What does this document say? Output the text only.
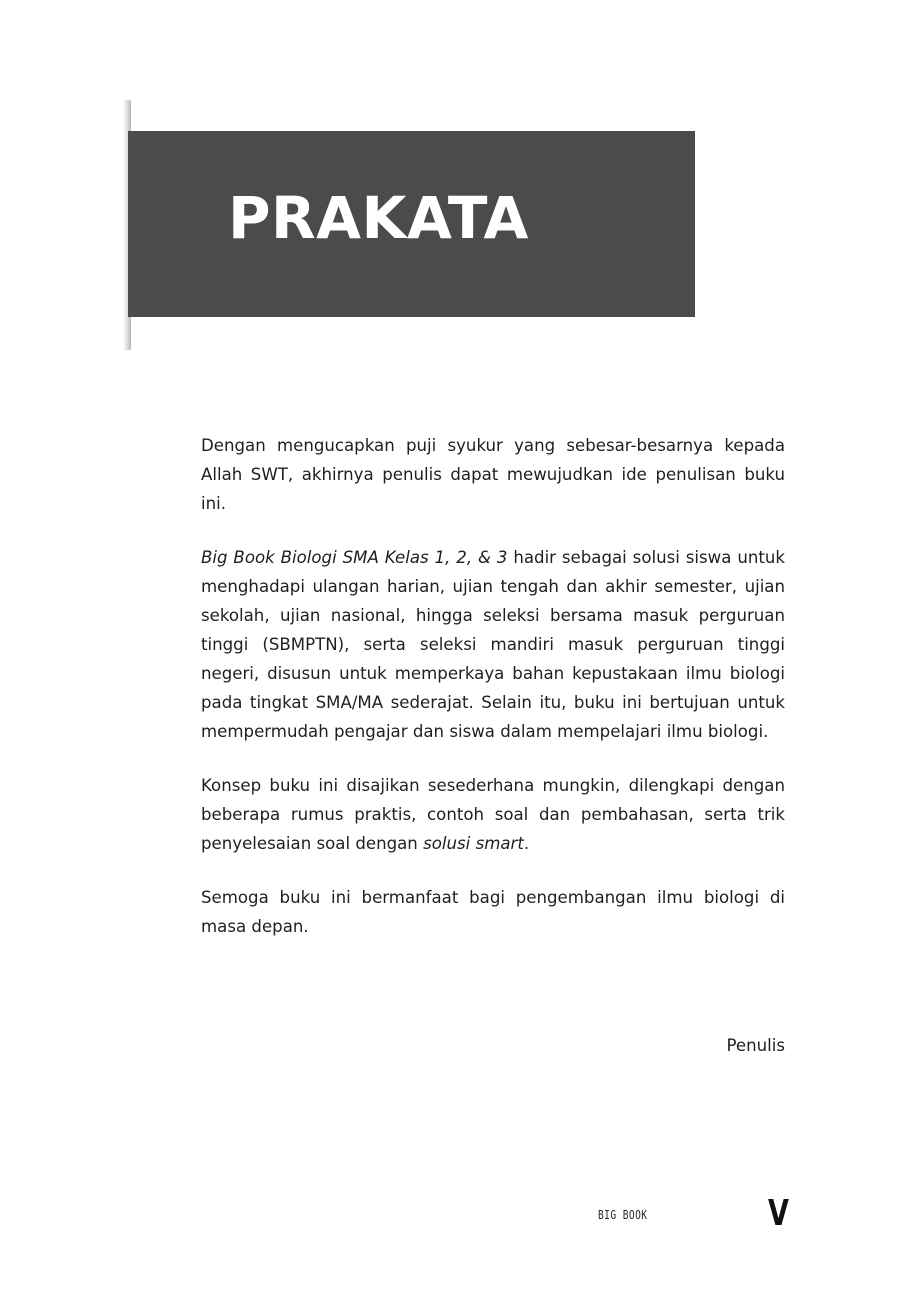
PRAKATA

Dengan mengucapkan puji syukur yang sebesar-besarnya kepada Allah SWT, akhirnya penulis dapat mewujudkan ide penulisan buku ini.

Big Book Biologi SMA Kelas 1, 2, & 3 hadir sebagai solusi siswa untuk menghadapi ulangan harian, ujian tengah dan akhir semester, ujian sekolah, ujian nasional, hingga seleksi bersama masuk perguruan tinggi (SBMPTN), serta seleksi mandiri masuk perguruan tinggi negeri, disusun untuk memperkaya bahan kepustakaan ilmu biologi pada tingkat SMA/MA sederajat. Selain itu, buku ini bertujuan untuk mempermudah pengajar dan siswa dalam mempelajari ilmu biologi.

Konsep buku ini disajikan sesederhana mungkin, dilengkapi dengan beberapa rumus praktis, contoh soal dan pembahasan, serta trik penyelesaian soal dengan solusi smart.

Semoga buku ini bermanfaat bagi pengembangan ilmu biologi di masa depan.

Penulis
BIG BOOK	V
